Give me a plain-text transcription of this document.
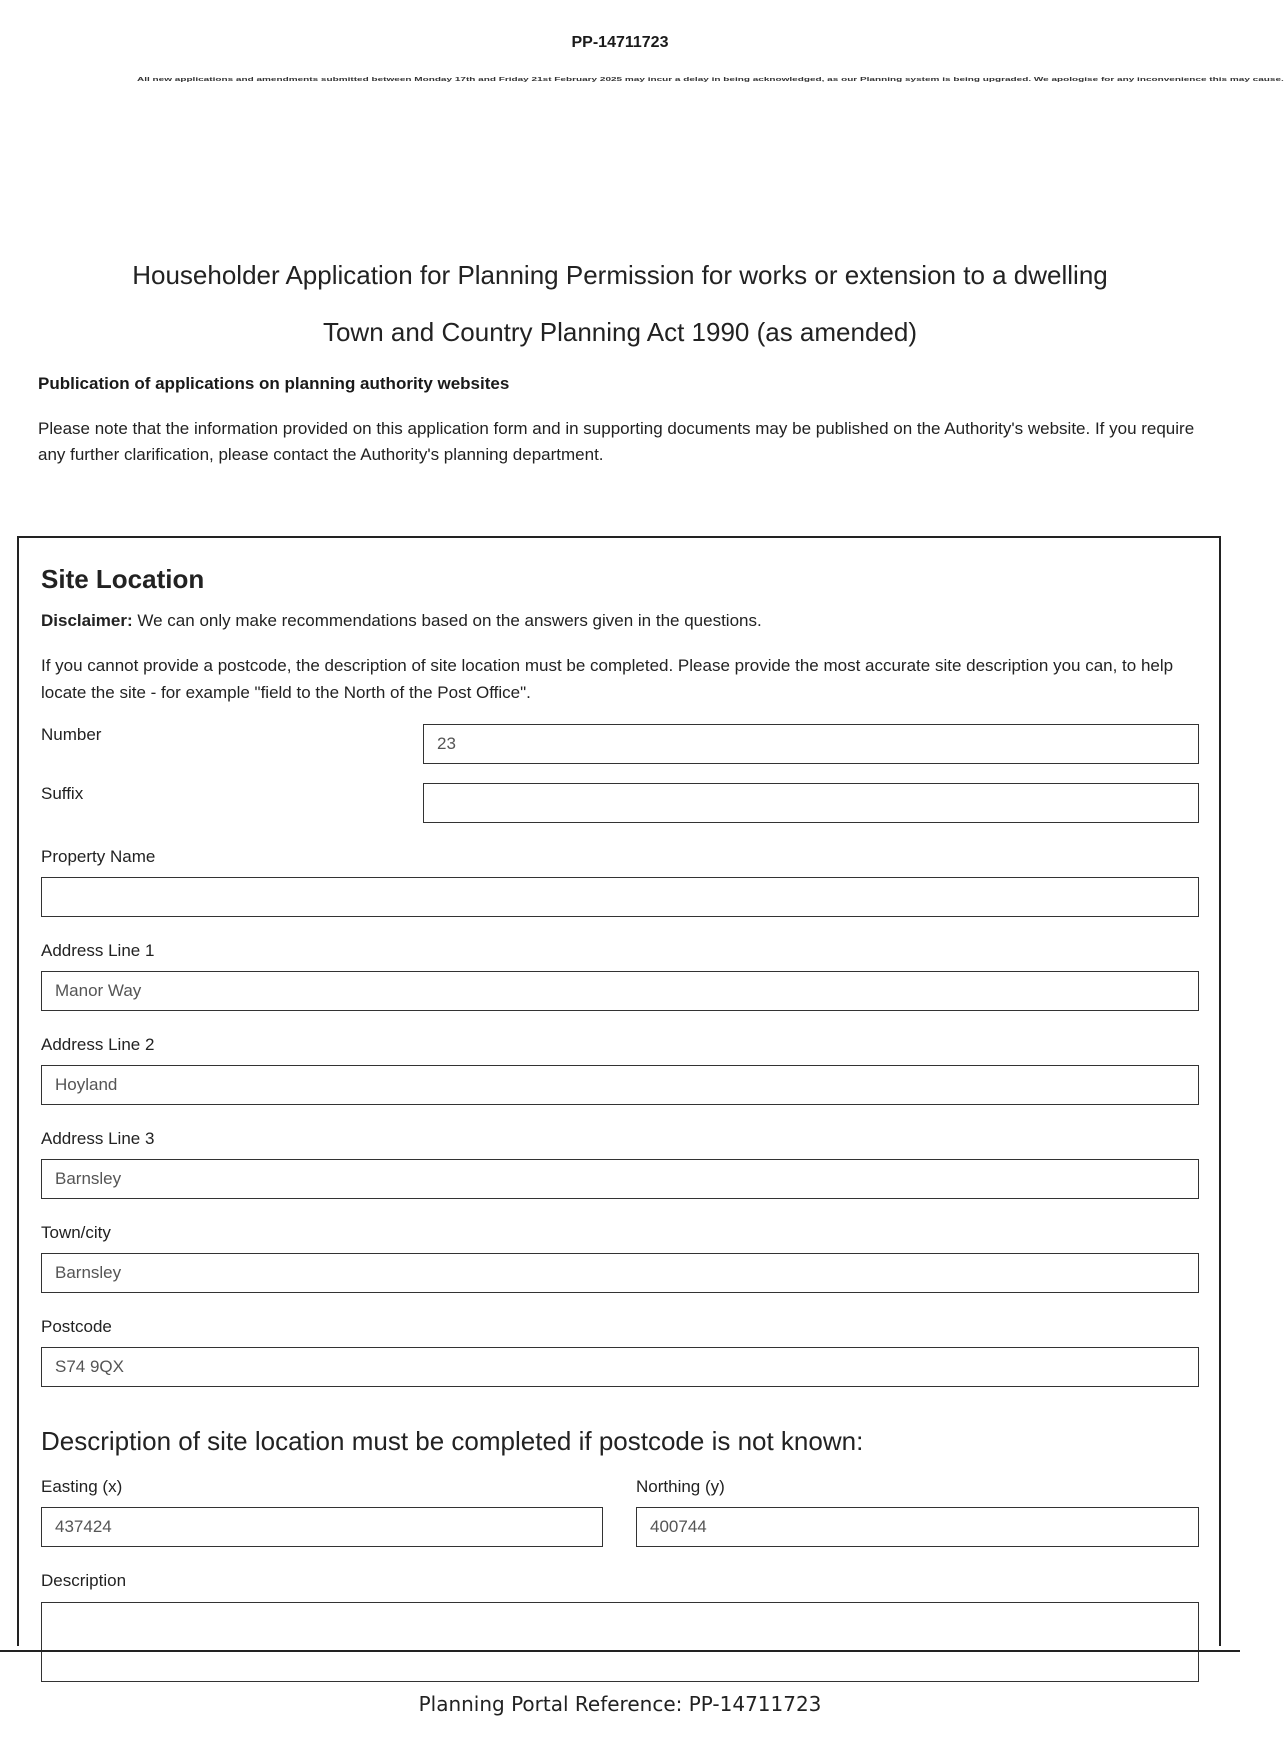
PP-14711723
All new applications and amendments submitted between Monday 17th and Friday 21st February 2025 may incur a delay in being acknowledged, as our Planning system is being upgraded. We apologise for any inconvenience this may cause.
Householder Application for Planning Permission for works or extension to a dwelling
Town and Country Planning Act 1990 (as amended)
Publication of applications on planning authority websites
Please note that the information provided on this application form and in supporting documents may be published on the Authority's website. If you require any further clarification, please contact the Authority's planning department.
Site Location
Disclaimer: We can only make recommendations based on the answers given in the questions.
If you cannot provide a postcode, the description of site location must be completed. Please provide the most accurate site description you can, to help locate the site - for example "field to the North of the Post Office".
Number	23
Suffix
Property Name
Address Line 1
Manor Way
Address Line 2
Hoyland
Address Line 3
Barnsley
Town/city
Barnsley
Postcode
S74 9QX
Description of site location must be completed if postcode is not known:
Easting (x)
437424
Northing (y)
400744
Description
Planning Portal Reference: PP-14711723
